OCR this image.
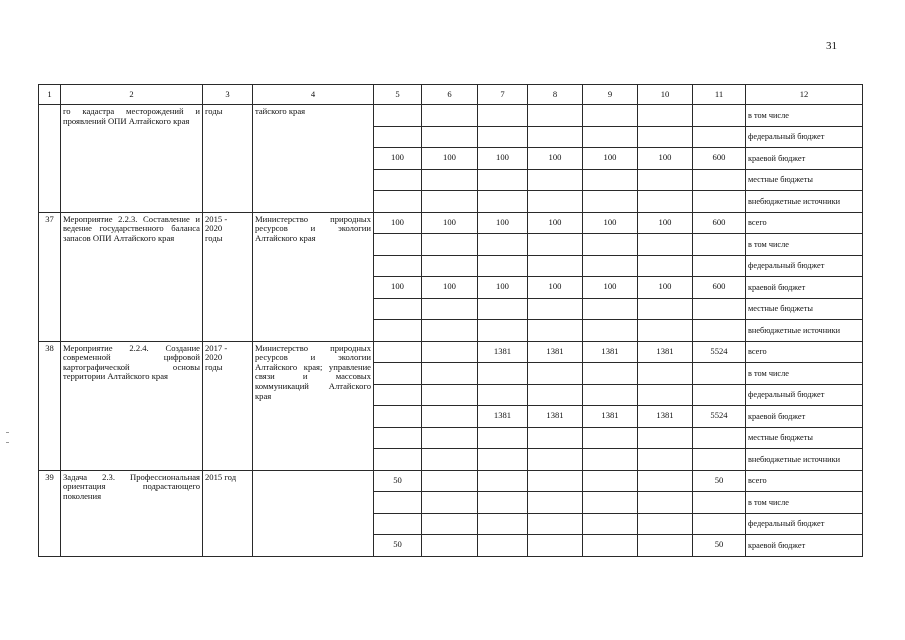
31
1	2	3	4	5	6	7	8	9	10	11	12
	го кадастра месторождений и проявлений ОПИ Алтайского края	годы	тайского края								в том числе
											федеральный бюджет
				100	100	100	100	100	100	600	краевой бюджет
											местные бюджеты
											внебюджетные источники
37	Мероприятие 2.2.3. Составление и ведение государственного баланса запасов ОПИ Алтайского края	2015 -
2020
годы	Министерство природных ресурсов и экологии Алтайского края	100	100	100	100	100	100	600	всего
											в том числе
											федеральный бюджет
				100	100	100	100	100	100	600	краевой бюджет
											местные бюджеты
											внебюджетные источники
38	Мероприятие 2.2.4. Создание современной цифровой картографической основы территории Алтайского края	2017 -
2020
годы	Министерство природных ресурсов и экологии Алтайского края; управление связи и массовых коммуникаций Алтайского края			1381	1381	1381	1381	5524	всего
											в том числе
											федеральный бюджет
						1381	1381	1381	1381	5524	краевой бюджет
											местные бюджеты
											внебюджетные источники
39	Задача 2.3. Профессиональная ориентация подрастающего поколения	2015 год		50						50	всего
											в том числе
											федеральный бюджет
				50						50	краевой бюджет
